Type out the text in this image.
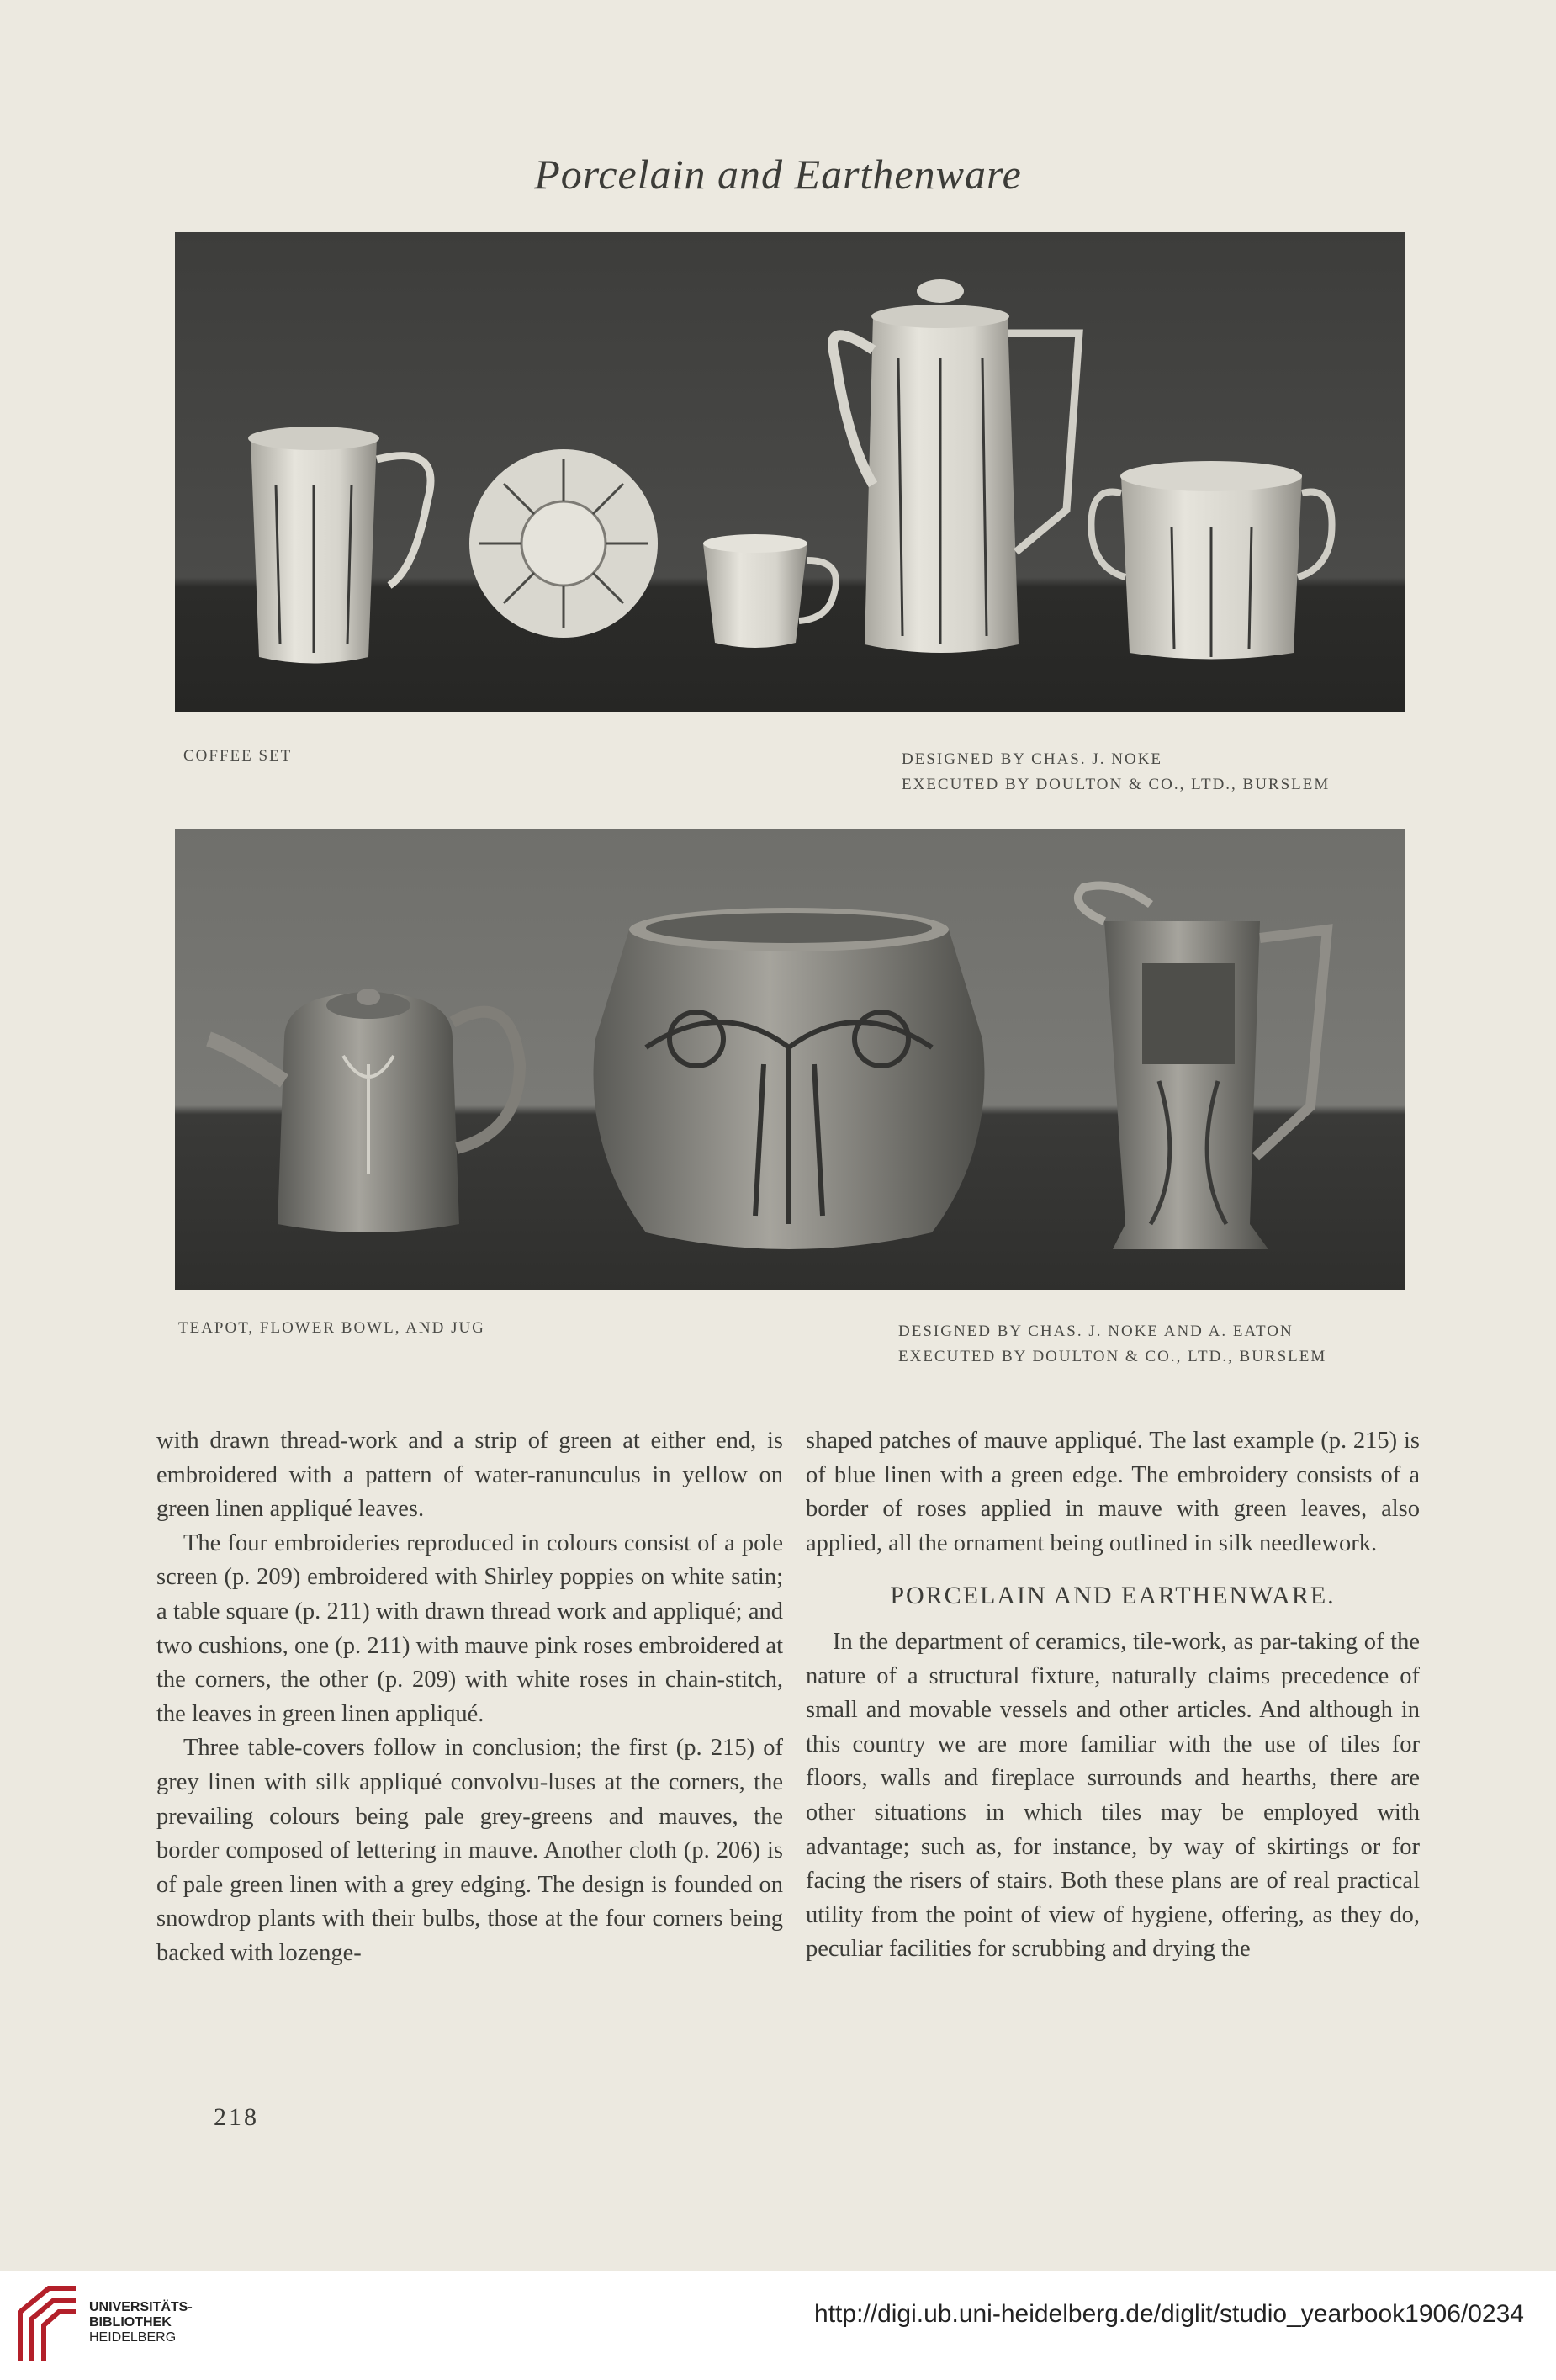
Porcelain and Earthenware
COFFEE SET	DESIGNED BY CHAS. J. NOKE
EXECUTED BY DOULTON & CO., LTD., BURSLEM
TEAPOT, FLOWER BOWL, AND JUG	DESIGNED BY CHAS. J. NOKE AND A. EATON
EXECUTED BY DOULTON & CO., LTD., BURSLEM

with drawn thread-work and a strip of green at either end, is embroidered with a pattern of water-ranunculus in yellow on green linen appliqué leaves.

The four embroideries reproduced in colours consist of a pole screen (p. 209) embroidered with Shirley poppies on white satin; a table square (p. 211) with drawn thread work and appliqué; and two cushions, one (p. 211) with mauve pink roses embroidered at the corners, the other (p. 209) with white roses in chain-stitch, the leaves in green linen appliqué.

Three table-covers follow in conclusion; the first (p. 215) of grey linen with silk appliqué convolvu-luses at the corners, the prevailing colours being pale grey-greens and mauves, the border composed of lettering in mauve. Another cloth (p. 206) is of pale green linen with a grey edging. The design is founded on snowdrop plants with their bulbs, those at the four corners being backed with lozenge-

shaped patches of mauve appliqué. The last example (p. 215) is of blue linen with a green edge. The embroidery consists of a border of roses applied in mauve with green leaves, also applied, all the ornament being outlined in silk needlework.

PORCELAIN AND EARTHENWARE.

In the department of ceramics, tile-work, as par-taking of the nature of a structural fixture, naturally claims precedence of small and movable vessels and other articles. And although in this country we are more familiar with the use of tiles for floors, walls and fireplace surrounds and hearths, there are other situations in which tiles may be employed with advantage; such as, for instance, by way of skirtings or for facing the risers of stairs. Both these plans are of real practical utility from the point of view of hygiene, offering, as they do, peculiar facilities for scrubbing and drying the

218
UNIVERSITÄTS-
BIBLIOTHEK
HEIDELBERG
http://digi.ub.uni-heidelberg.de/diglit/studio_yearbook1906/0234
